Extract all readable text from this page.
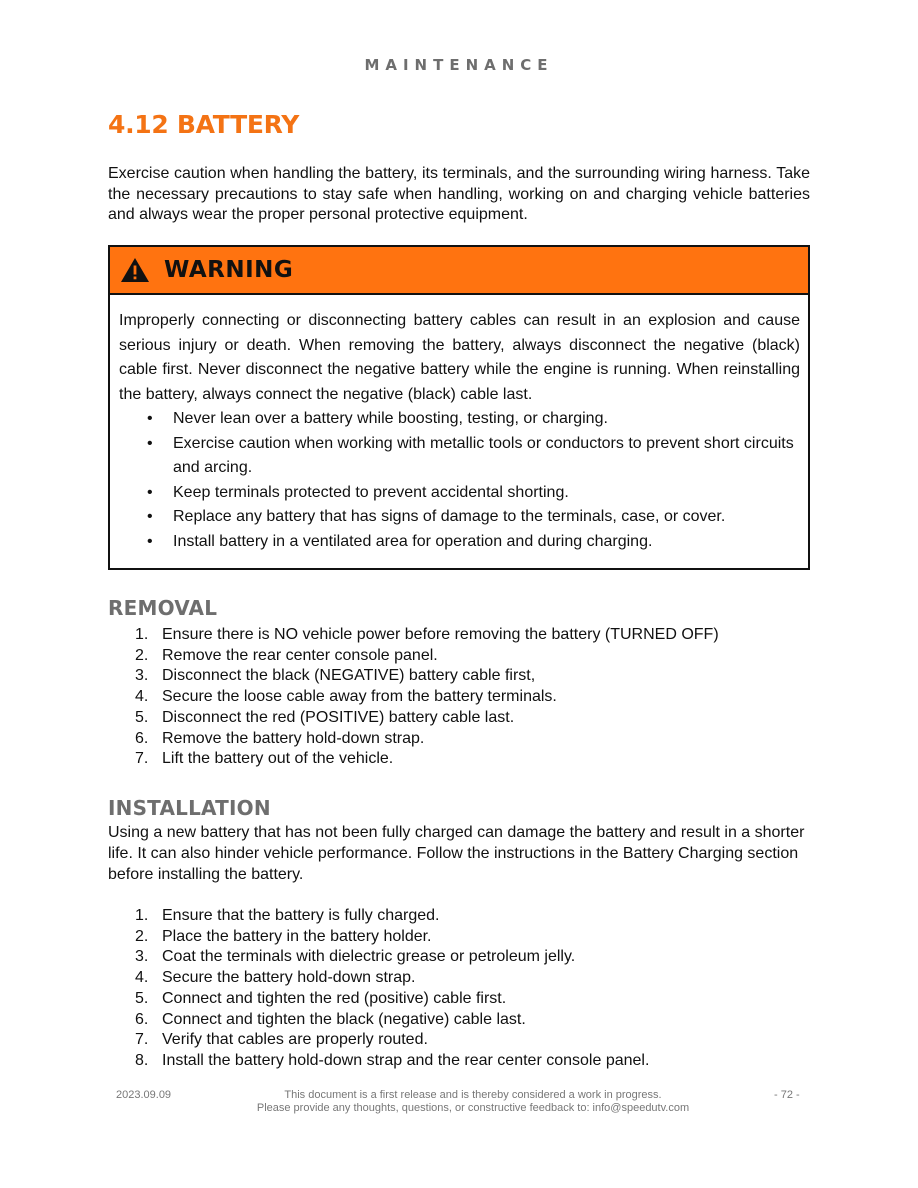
MAINTENANCE
4.12 BATTERY

Exercise caution when handling the battery, its terminals, and the surrounding wiring harness. Take the necessary precautions to stay safe when handling, working on and charging vehicle batteries and always wear the proper personal protective equipment.

WARNING

Improperly connecting or disconnecting battery cables can result in an explosion and cause serious injury or death. When removing the battery, always disconnect the negative (black) cable first. Never disconnect the negative battery while the engine is running. When reinstalling the battery, always connect the negative (black) cable last.

• Never lean over a battery while boosting, testing, or charging.
• Exercise caution when working with metallic tools or conductors to prevent short circuits and arcing.
• Keep terminals protected to prevent accidental shorting.
• Replace any battery that has signs of damage to the terminals, case, or cover.
• Install battery in a ventilated area for operation and during charging.
REMOVAL
1. Ensure there is NO vehicle power before removing the battery (TURNED OFF)
2. Remove the rear center console panel.
3. Disconnect the black (NEGATIVE) battery cable first,
4. Secure the loose cable away from the battery terminals.
5. Disconnect the red (POSITIVE) battery cable last.
6. Remove the battery hold-down strap.
7. Lift the battery out of the vehicle.
INSTALLATION

Using a new battery that has not been fully charged can damage the battery and result in a shorter life. It can also hinder vehicle performance. Follow the instructions in the Battery Charging section before installing the battery.

1. Ensure that the battery is fully charged.
2. Place the battery in the battery holder.
3. Coat the terminals with dielectric grease or petroleum jelly.
4. Secure the battery hold-down strap.
5. Connect and tighten the red (positive) cable first.
6. Connect and tighten the black (negative) cable last.
7. Verify that cables are properly routed.
8. Install the battery hold-down strap and the rear center console panel.
2023.09.09	This document is a first release and is thereby considered a work in progress.
Please provide any thoughts, questions, or constructive feedback to: info@speedutv.com
- 72 -
